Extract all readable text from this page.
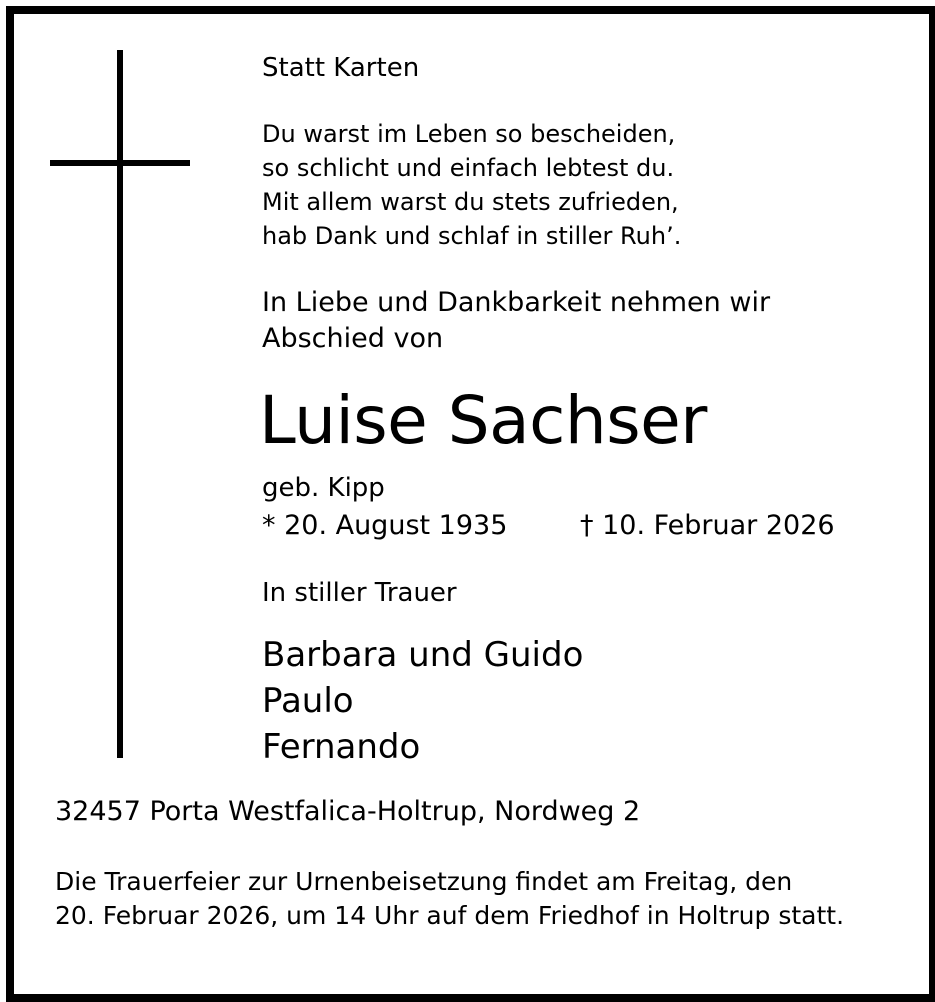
Statt Karten
Du warst im Leben so bescheiden,
so schlicht und einfach lebtest du.
Mit allem warst du stets zufrieden,
hab Dank und schlaf in stiller Ruh’.
In Liebe und Dankbarkeit nehmen wir
Abschied von
Luise Sachser
geb. Kipp
* 20. August 1935	† 10. Februar 2026
In stiller Trauer
Barbara und Guido
Paulo
Fernando
32457 Porta Westfalica-Holtrup, Nordweg 2
Die Trauerfeier zur Urnenbeisetzung findet am Freitag, den
20. Februar 2026, um 14 Uhr auf dem Friedhof in Holtrup statt.
